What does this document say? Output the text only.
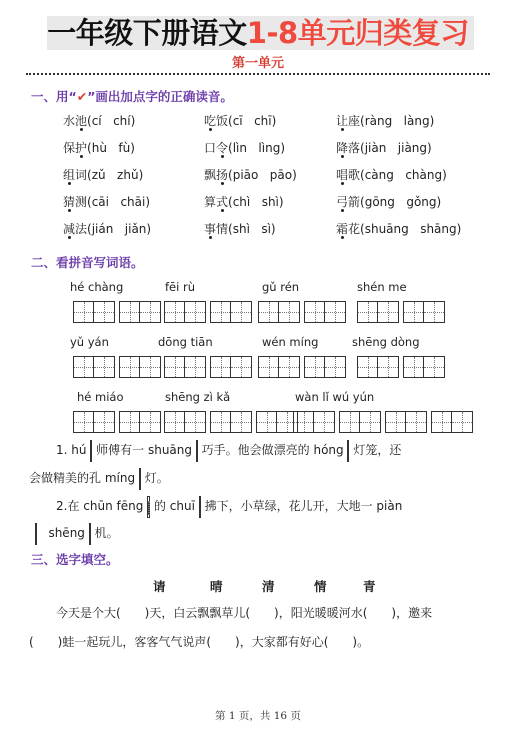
一年级下册语文1-8单元归类复习
第一单元
一、用“✔”画出加点字的正确读音。
水池(cí   chí)	吃饭(cī   chī)	让座(ràng   làng)
保护(hù   fù)	口令(lìn   lìng)	降落(jiàn   jiàng)
组词(zǔ   zhǔ)	飘扬(piāo   pāo)	唱歌(càng   chàng)
猜测(cāi   chāi)	算式(chì   shì)	弓箭(gōng   gǒng)
减法(jián   jiǎn)	事情(shì   sì)	霜花(shuāng   shāng)
二、看拼音写词语。
hé chàng	fēi rù	gǔ rén	shén me
yǔ yán	dōng tiān	wén míng	shēng dòng
hé miáo	shēng zì kǎ	wàn lǐ wú yún
1. hú 师傅有一 shuāng 巧手。他会做漂亮的 hóng 灯笼，还
会做精美的孔 míng 灯。
2.在 chūn fēng 的 chuī 拂下，小草绿，花儿开，大地一 piàn
shēng 机。
三、选字填空。
请	晴	清	情	青
今天是个大(　　)天，白云飘飘草儿(　　)，阳光暖暖河水(　　)，邀来
(　　)蛙一起玩儿，客客气气说声(　　)，大家都有好心(　　)。
第 1 页，共 16 页
